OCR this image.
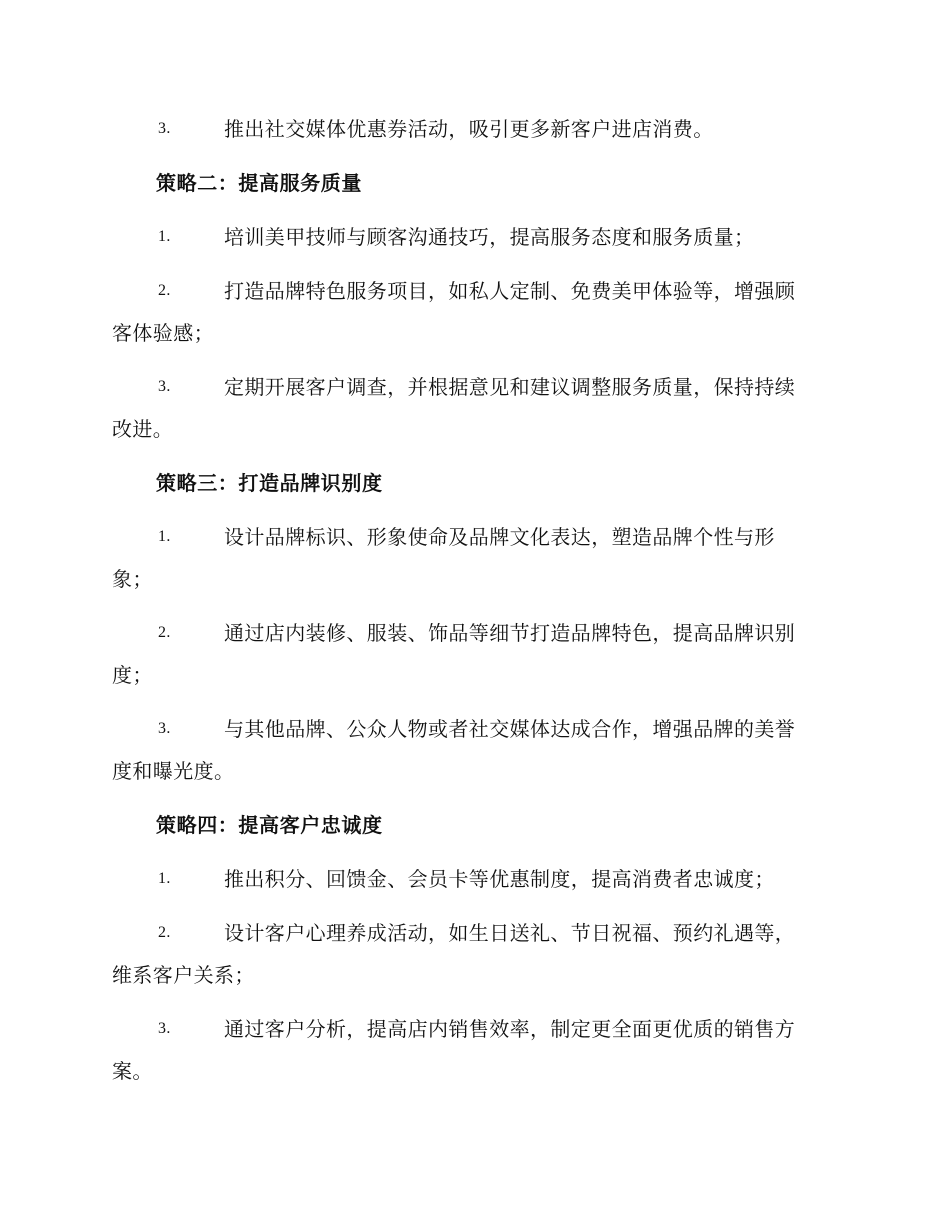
3.	推出社交媒体优惠券活动，吸引更多新客户进店消费。
策略二：提高服务质量
1.	培训美甲技师与顾客沟通技巧，提高服务态度和服务质量；
2.	打造品牌特色服务项目，如私人定制、免费美甲体验等，增强顾
客体验感；
3.	定期开展客户调查，并根据意见和建议调整服务质量，保持持续
改进。
策略三：打造品牌识别度
1.	设计品牌标识、形象使命及品牌文化表达，塑造品牌个性与形
象；
2.	通过店内装修、服装、饰品等细节打造品牌特色，提高品牌识别
度；
3.	与其他品牌、公众人物或者社交媒体达成合作，增强品牌的美誉
度和曝光度。
策略四：提高客户忠诚度
1.	推出积分、回馈金、会员卡等优惠制度，提高消费者忠诚度；
2.	设计客户心理养成活动，如生日送礼、节日祝福、预约礼遇等，
维系客户关系；
3.	通过客户分析，提高店内销售效率，制定更全面更优质的销售方
案。
